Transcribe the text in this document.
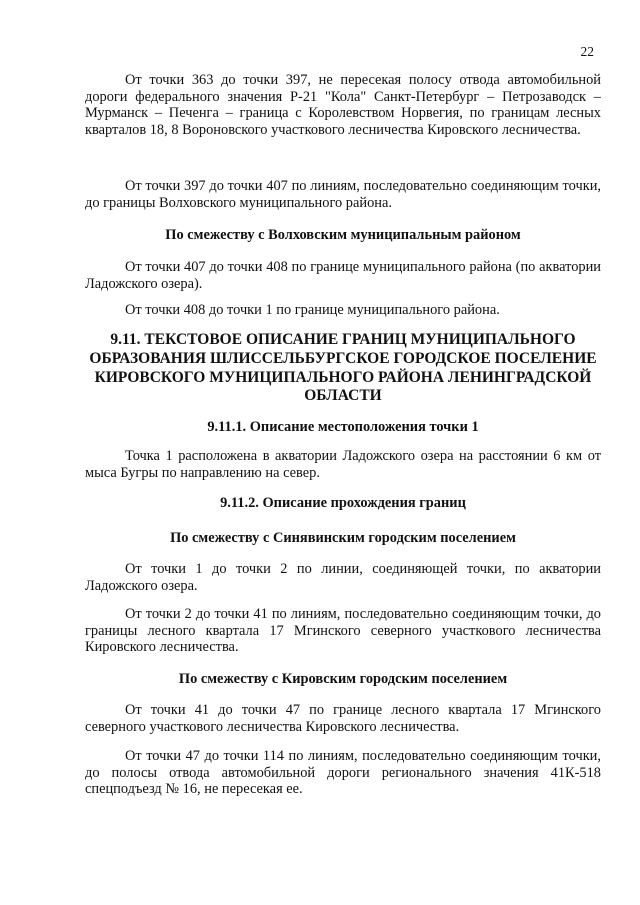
22

От точки 363 до точки 397, не пересекая полосу отвода автомобильной дороги федерального значения Р-21 "Кола" Санкт-Петербург – Петрозаводск – Мурманск – Печенга – граница с Королевством Норвегия, по границам лесных кварталов 18, 8 Вороновского участкового лесничества Кировского лесничества.

От точки 397 до точки 407 по линиям, последовательно соединяющим точки, до границы Волховского муниципального района.

По смежеству с Волховским муниципальным районом

От точки 407 до точки 408 по границе муниципального района (по акватории Ладожского озера).

От точки 408 до точки 1 по границе муниципального района.

9.11. ТЕКСТОВОЕ ОПИСАНИЕ ГРАНИЦ МУНИЦИПАЛЬНОГО ОБРАЗОВАНИЯ ШЛИССЕЛЬБУРГСКОЕ ГОРОДСКОЕ ПОСЕЛЕНИЕ КИРОВСКОГО МУНИЦИПАЛЬНОГО РАЙОНА ЛЕНИНГРАДСКОЙ ОБЛАСТИ

9.11.1. Описание местоположения точки 1

Точка 1 расположена в акватории Ладожского озера на расстоянии 6 км от мыса Бугры по направлению на север.

9.11.2. Описание прохождения границ

По смежеству с Синявинским городским поселением

От точки 1 до точки 2 по линии, соединяющей точки, по акватории Ладожского озера.

От точки 2 до точки 41 по линиям, последовательно соединяющим точки, до границы лесного квартала 17 Мгинского северного участкового лесничества Кировского лесничества.

По смежеству с Кировским городским поселением

От точки 41 до точки 47 по границе лесного квартала 17 Мгинского северного участкового лесничества Кировского лесничества.

От точки 47 до точки 114 по линиям, последовательно соединяющим точки, до полосы отвода автомобильной дороги регионального значения 41К-518 спецподъезд № 16, не пересекая ее.
